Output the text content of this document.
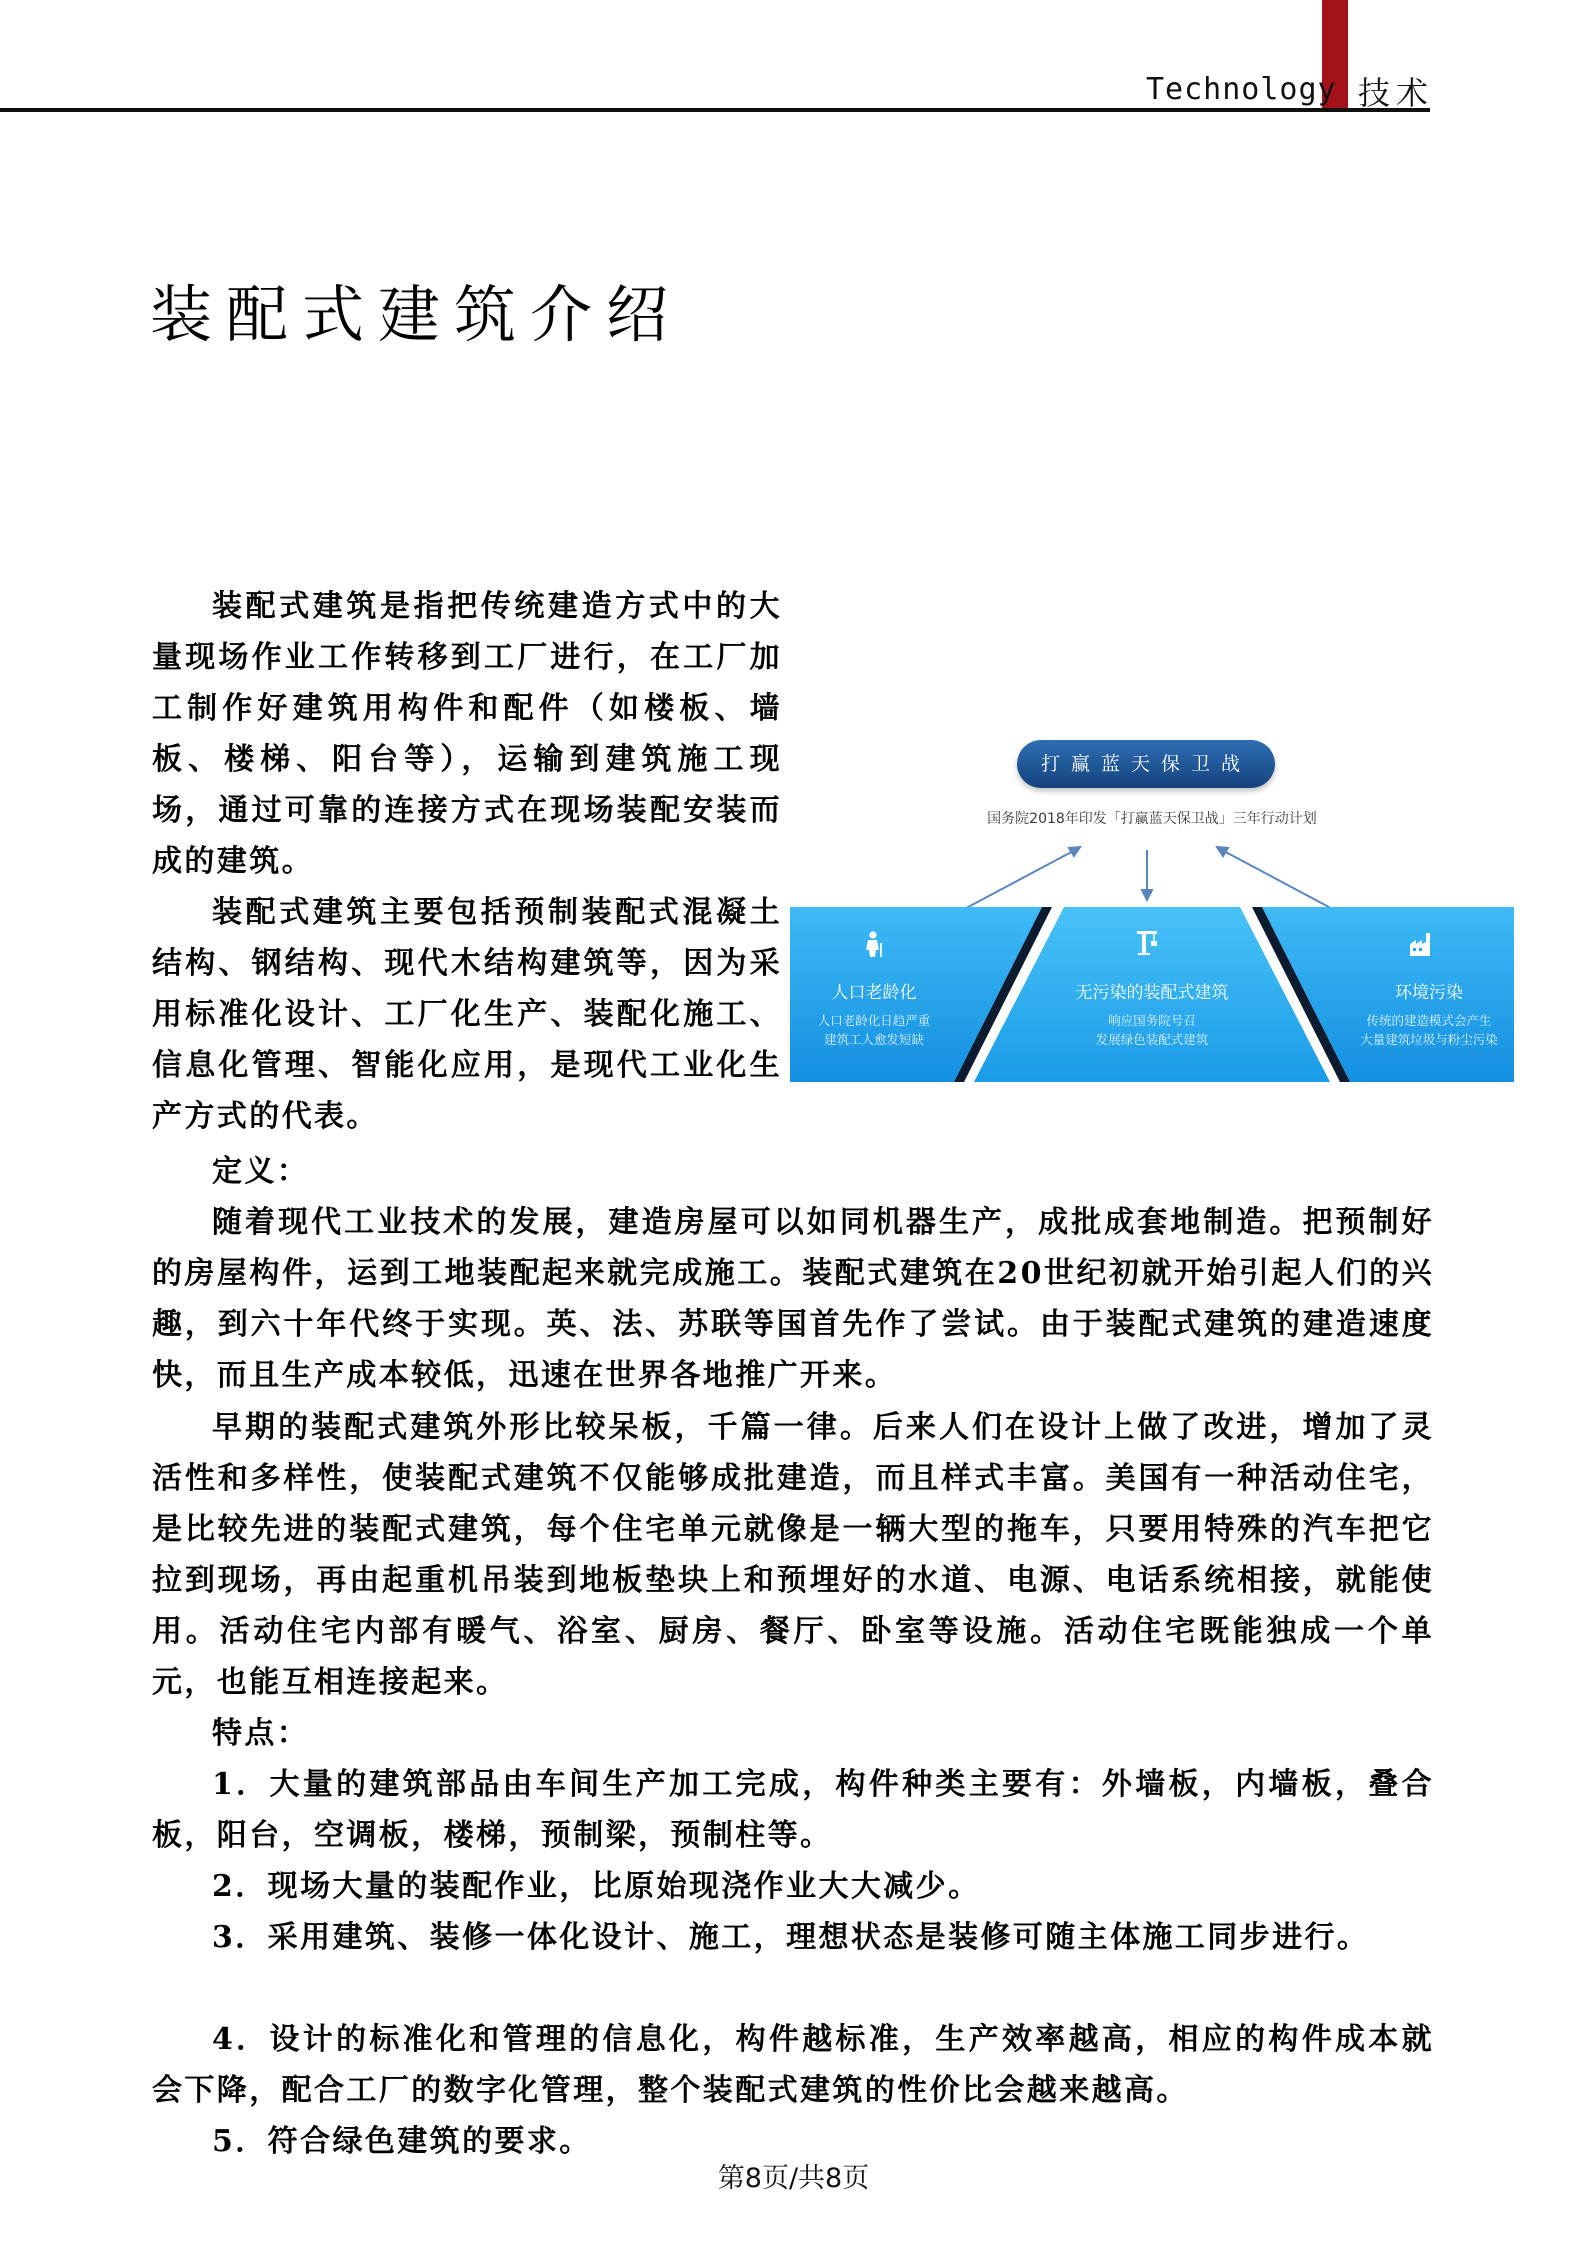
Technology 技术
装配式建筑介绍

装配式建筑是指把传统建造方式中的大量现场作业工作转移到工厂进行，在工厂加工制作好建筑用构件和配件（如楼板、墙板、楼梯、阳台等），运输到建筑施工现场，通过可靠的连接方式在现场装配安装而成的建筑。

装配式建筑主要包括预制装配式混凝土结构、钢结构、现代木结构建筑等，因为采用标准化设计、工厂化生产、装配化施工、信息化管理、智能化应用，是现代工业化生产方式的代表。

打赢蓝天保卫战
国务院2018年印发「打赢蓝天保卫战」三年行动计划
人口老龄化
人口老龄化日趋严重
建筑工人愈发短缺
无污染的装配式建筑
响应国务院号召
发展绿色装配式建筑
环境污染
传统的建造模式会产生
大量建筑垃圾与粉尘污染

定义：

随着现代工业技术的发展，建造房屋可以如同机器生产，成批成套地制造。把预制好的房屋构件，运到工地装配起来就完成施工。装配式建筑在20世纪初就开始引起人们的兴趣，到六十年代终于实现。英、法、苏联等国首先作了尝试。由于装配式建筑的建造速度快，而且生产成本较低，迅速在世界各地推广开来。

早期的装配式建筑外形比较呆板，千篇一律。后来人们在设计上做了改进，增加了灵活性和多样性，使装配式建筑不仅能够成批建造，而且样式丰富。美国有一种活动住宅，是比较先进的装配式建筑，每个住宅单元就像是一辆大型的拖车，只要用特殊的汽车把它拉到现场，再由起重机吊装到地板垫块上和预埋好的水道、电源、电话系统相接，就能使用。活动住宅内部有暖气、浴室、厨房、餐厅、卧室等设施。活动住宅既能独成一个单元，也能互相连接起来。

特点：

1．大量的建筑部品由车间生产加工完成，构件种类主要有：外墙板，内墙板，叠合板，阳台，空调板，楼梯，预制梁，预制柱等。

2．现场大量的装配作业，比原始现浇作业大大减少。

3．采用建筑、装修一体化设计、施工，理想状态是装修可随主体施工同步进行。

4．设计的标准化和管理的信息化，构件越标准，生产效率越高，相应的构件成本就会下降，配合工厂的数字化管理，整个装配式建筑的性价比会越来越高。

5．符合绿色建筑的要求。

第8页/共8页
